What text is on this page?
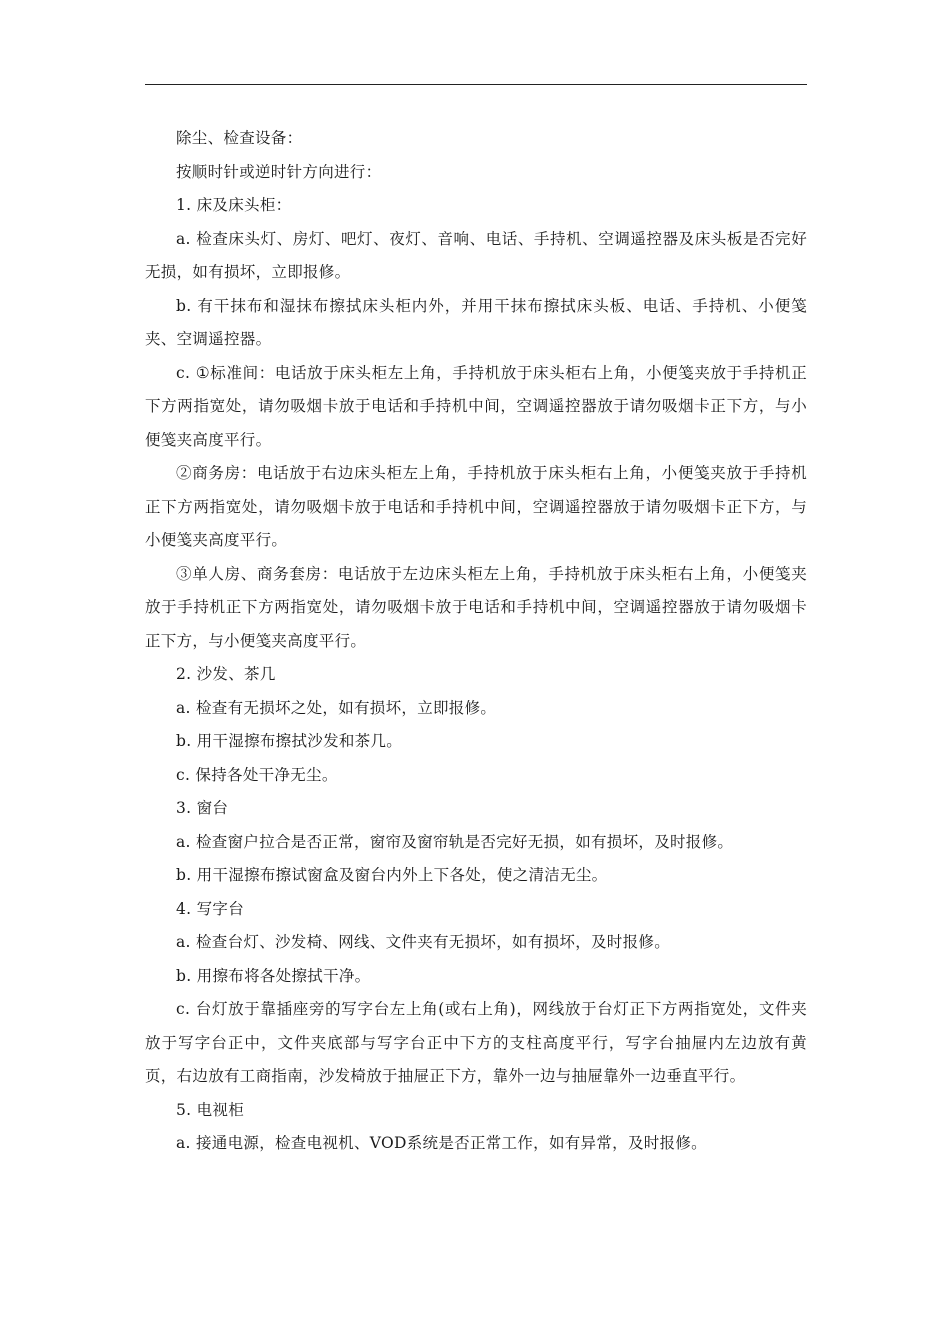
除尘、检查设备：

按顺时针或逆时针方向进行：

1. 床及床头柜：

a. 检查床头灯、房灯、吧灯、夜灯、音响、电话、手持机、空调遥控器及床头板是否完好无损，如有损坏，立即报修。

b. 有干抹布和湿抹布擦拭床头柜内外，并用干抹布擦拭床头板、电话、手持机、小便笺夹、空调遥控器。

c. ①标准间：电话放于床头柜左上角，手持机放于床头柜右上角，小便笺夹放于手持机正下方两指宽处，请勿吸烟卡放于电话和手持机中间，空调遥控器放于请勿吸烟卡正下方，与小便笺夹高度平行。

②商务房：电话放于右边床头柜左上角，手持机放于床头柜右上角，小便笺夹放于手持机正下方两指宽处，请勿吸烟卡放于电话和手持机中间，空调遥控器放于请勿吸烟卡正下方，与小便笺夹高度平行。

③单人房、商务套房：电话放于左边床头柜左上角，手持机放于床头柜右上角，小便笺夹放于手持机正下方两指宽处，请勿吸烟卡放于电话和手持机中间，空调遥控器放于请勿吸烟卡正下方，与小便笺夹高度平行。

2. 沙发、茶几

a. 检查有无损坏之处，如有损坏，立即报修。

b. 用干湿擦布擦拭沙发和茶几。

c. 保持各处干净无尘。

3. 窗台

a. 检查窗户拉合是否正常，窗帘及窗帘轨是否完好无损，如有损坏，及时报修。

b. 用干湿擦布擦试窗盒及窗台内外上下各处，使之清洁无尘。

4. 写字台

a. 检查台灯、沙发椅、网线、文件夹有无损坏，如有损坏，及时报修。

b. 用擦布将各处擦拭干净。

c. 台灯放于靠插座旁的写字台左上角(或右上角)，网线放于台灯正下方两指宽处，文件夹放于写字台正中，文件夹底部与写字台正中下方的支柱高度平行，写字台抽屉内左边放有黄页，右边放有工商指南，沙发椅放于抽屉正下方，靠外一边与抽屉靠外一边垂直平行。

5. 电视柜

a. 接通电源，检查电视机、VOD系统是否正常工作，如有异常，及时报修。
